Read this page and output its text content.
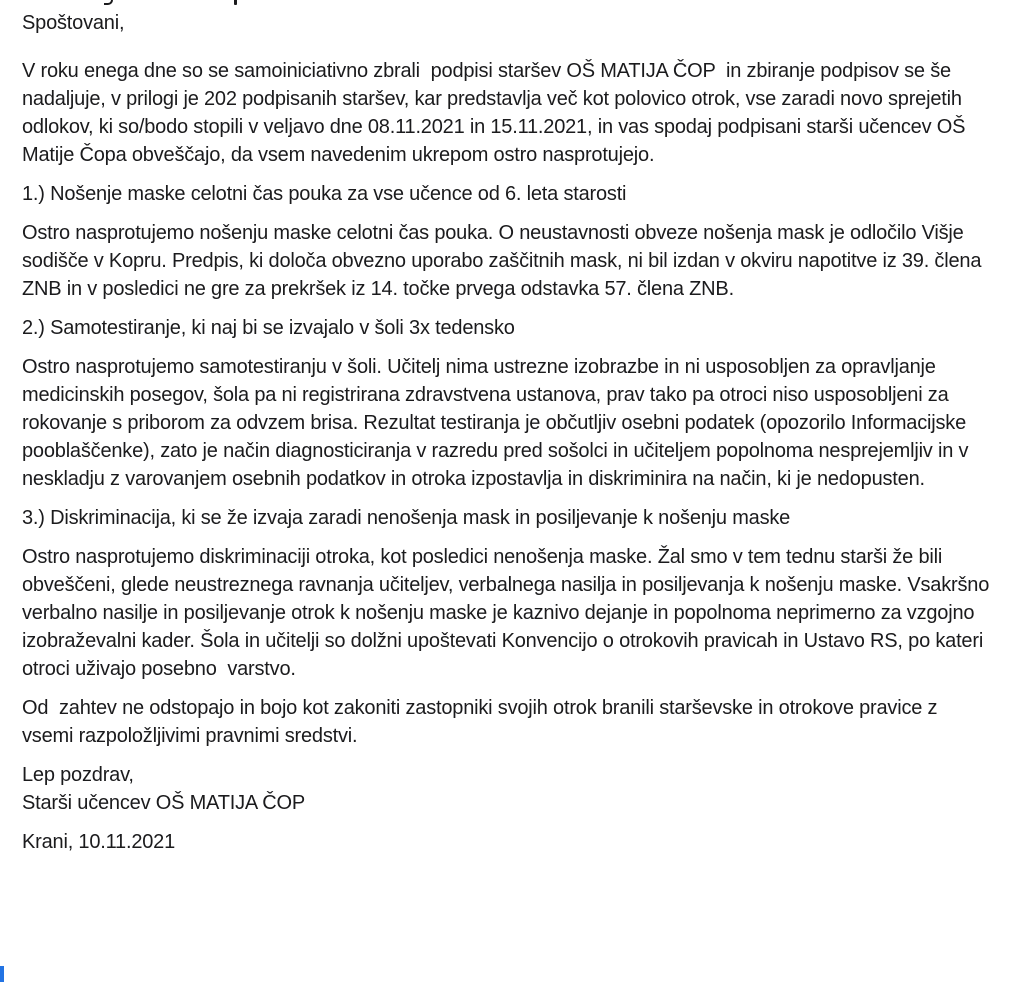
Spoštovani,

V roku enega dne so se samoiniciativno zbrali  podpisi staršev OŠ MATIJA ČOP  in zbiranje podpisov se še nadaljuje, v prilogi je 202 podpisanih staršev, kar predstavlja več kot polovico otrok, vse zaradi novo sprejetih odlokov, ki so/bodo stopili v veljavo dne 08.11.2021 in 15.11.2021, in vas spodaj podpisani starši učencev OŠ Matije Čopa obveščajo, da vsem navedenim ukrepom ostro nasprotujejo.

1.) Nošenje maske celotni čas pouka za vse učence od 6. leta starosti

Ostro nasprotujemo nošenju maske celotni čas pouka. O neustavnosti obveze nošenja mask je odločilo Višje sodišče v Kopru. Predpis, ki določa obvezno uporabo zaščitnih mask, ni bil izdan v okviru napotitve iz 39. člena ZNB in v posledici ne gre za prekršek iz 14. točke prvega odstavka 57. člena ZNB.

2.) Samotestiranje, ki naj bi se izvajalo v šoli 3x tedensko

Ostro nasprotujemo samotestiranju v šoli. Učitelj nima ustrezne izobrazbe in ni usposobljen za opravljanje medicinskih posegov, šola pa ni registrirana zdravstvena ustanova, prav tako pa otroci niso usposobljeni za rokovanje s priborom za odvzem brisa. Rezultat testiranja je občutljiv osebni podatek (opozorilo Informacijske pooblaščenke), zato je način diagnosticiranja v razredu pred sošolci in učiteljem popolnoma nesprejemljiv in v neskladju z varovanjem osebnih podatkov in otroka izpostavlja in diskriminira na način, ki je nedopusten.

3.) Diskriminacija, ki se že izvaja zaradi nenošenja mask in posiljevanje k nošenju maske

Ostro nasprotujemo diskriminaciji otroka, kot posledici nenošenja maske. Žal smo v tem tednu starši že bili obveščeni, glede neustreznega ravnanja učiteljev, verbalnega nasilja in posiljevanja k nošenju maske. Vsakršno verbalno nasilje in posiljevanje otrok k nošenju maske je kaznivo dejanje in popolnoma neprimerno za vzgojno izobraževalni kader. Šola in učitelji so dolžni upoštevati Konvencijo o otrokovih pravicah in Ustavo RS, po kateri otroci uživajo posebno  varstvo.

Od  zahtev ne odstopajo in bojo kot zakoniti zastopniki svojih otrok branili starševske in otrokove pravice z vsemi razpoložljivimi pravnimi sredstvi.

Lep pozdrav,
Starši učencev OŠ MATIJA ČOP

Krani, 10.11.2021
